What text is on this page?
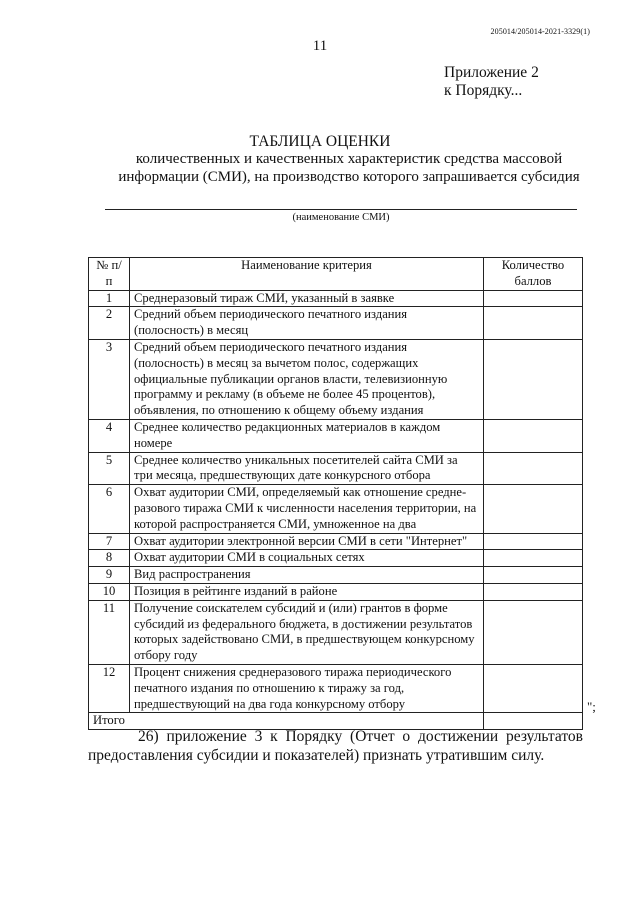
205014/205014-2021-3329(1)
11
Приложение 2
к Порядку...
ТАБЛИЦА ОЦЕНКИ
количественных и качественных характеристик средства массовой информации (СМИ), на производство которого запрашивается субсидия
(наименование СМИ)
№ п/п	Наименование критерия	Количество баллов
1	Среднеразовый тираж СМИ, указанный в заявке	
2	Средний объем периодического печатного издания (полосность) в месяц	
3	Средний объем периодического печатного издания (полосность) в месяц за вычетом полос, содержащих официальные публикации органов власти, телевизионную программу и рекламу (в объеме не более 45 процентов), объявления, по отношению к общему объему издания	
4	Среднее количество редакционных материалов в каждом номере	
5	Среднее количество уникальных посетителей сайта СМИ за три месяца, предшествующих дате конкурсного отбора	
6	Охват аудитории СМИ, определяемый как отношение средне-разового тиража СМИ к численности населения территории, на которой распространяется СМИ, умноженное на два	
7	Охват аудитории электронной версии СМИ в сети "Интернет"	
8	Охват аудитории СМИ в социальных сетях	
9	Вид распространения	
10	Позиция в рейтинге изданий в районе	
11	Получение соискателем субсидий и (или) грантов в форме субсидий из федерального бюджета, в достижении результатов которых задействовано СМИ, в предшествующем конкурсному отбору году	
12	Процент снижения среднеразового тиража периодического печатного издания по отношению к тиражу за год, предшествующий на два года конкурсному отбору	
Итого		
";
26) приложение 3 к Порядку (Отчет о достижении результатов предоставления субсидии и показателей) признать утратившим силу.
